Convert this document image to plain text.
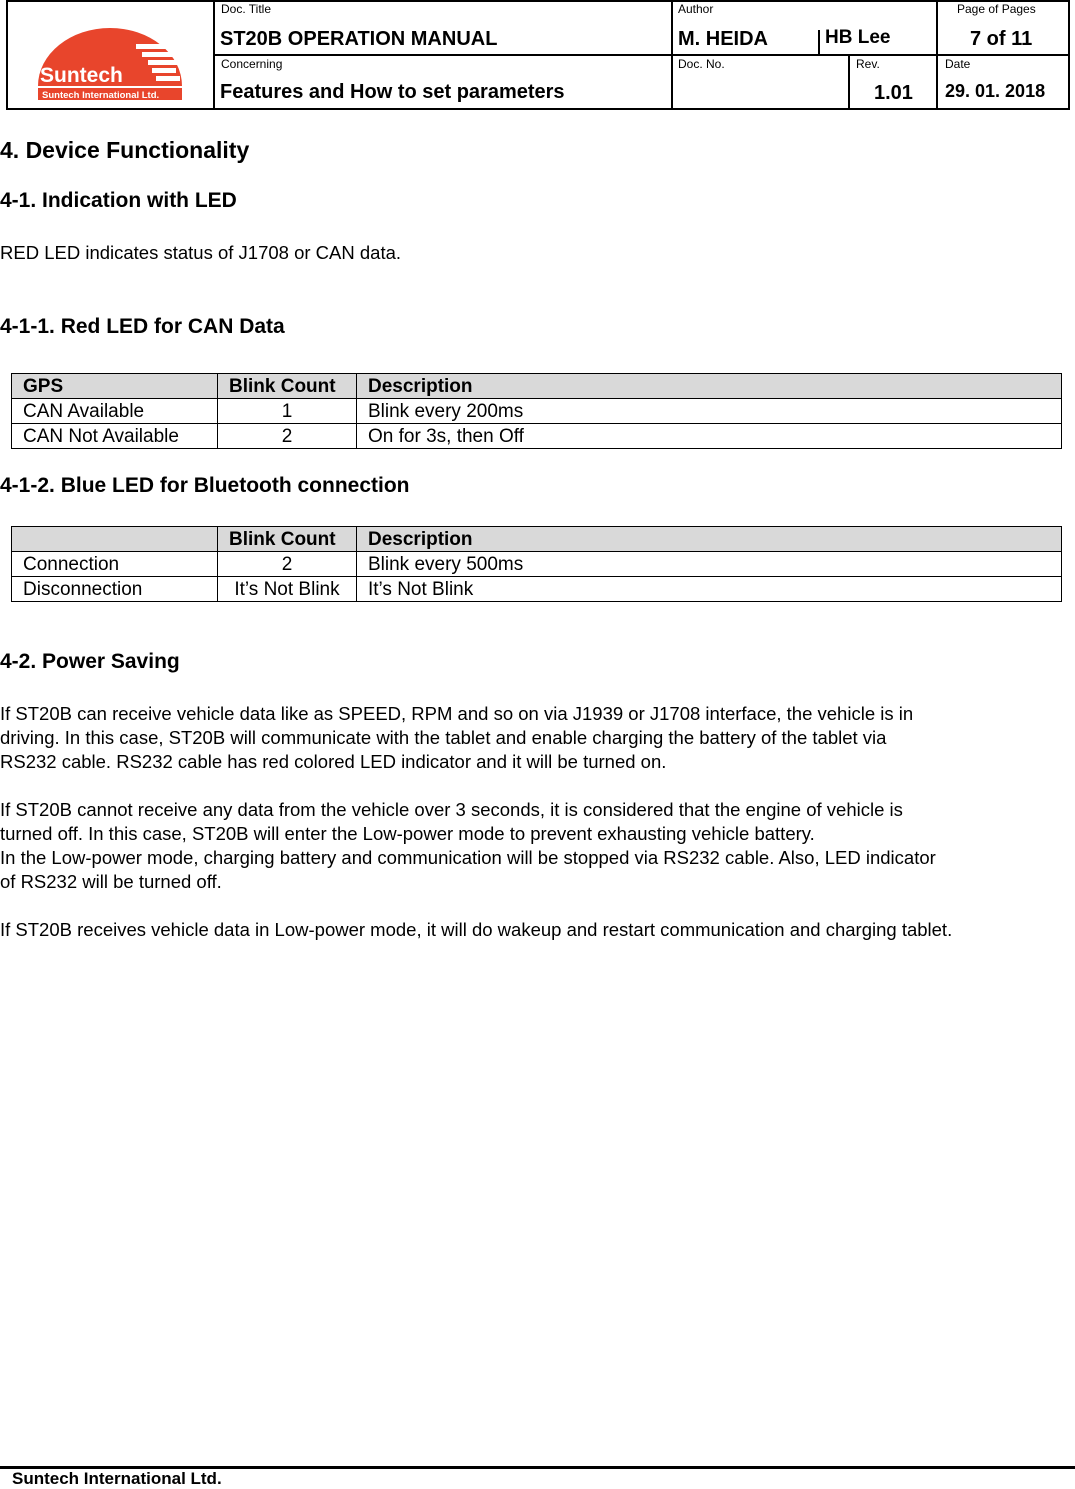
Suntech
Suntech International Ltd.
Doc. Title
ST20B OPERATION MANUAL
Author
M. HEIDA	HB Lee
Page of Pages
7 of 11
Concerning
Features and How to set parameters
Doc. No.	Rev.
1.01
Date
29. 01. 2018
4. Device Functionality
4-1. Indication with LED

RED LED indicates status of J1708 or CAN data.

4-1-1. Red LED for CAN Data
GPS	Blink Count	Description
CAN Available	1	Blink every 200ms
CAN Not Available	2	On for 3s, then Off
4-1-2. Blue LED for Bluetooth connection
	Blink Count	Description
Connection	2	Blink every 500ms
Disconnection	It’s Not Blink	It’s Not Blink
4-2. Power Saving

If ST20B can receive vehicle data like as SPEED, RPM and so on via J1939 or J1708 interface, the vehicle is in

driving. In this case, ST20B will communicate with the tablet and enable charging the battery of the tablet via

RS232 cable. RS232 cable has red colored LED indicator and it will be turned on.

If ST20B cannot receive any data from the vehicle over 3 seconds, it is considered that the engine of vehicle is

turned off. In this case, ST20B will enter the Low-power mode to prevent exhausting vehicle battery.

In the Low-power mode, charging battery and communication will be stopped via RS232 cable. Also, LED indicator

of RS232 will be turned off.

If ST20B receives vehicle data in Low-power mode, it will do wakeup and restart communication and charging tablet.

Suntech International Ltd.
